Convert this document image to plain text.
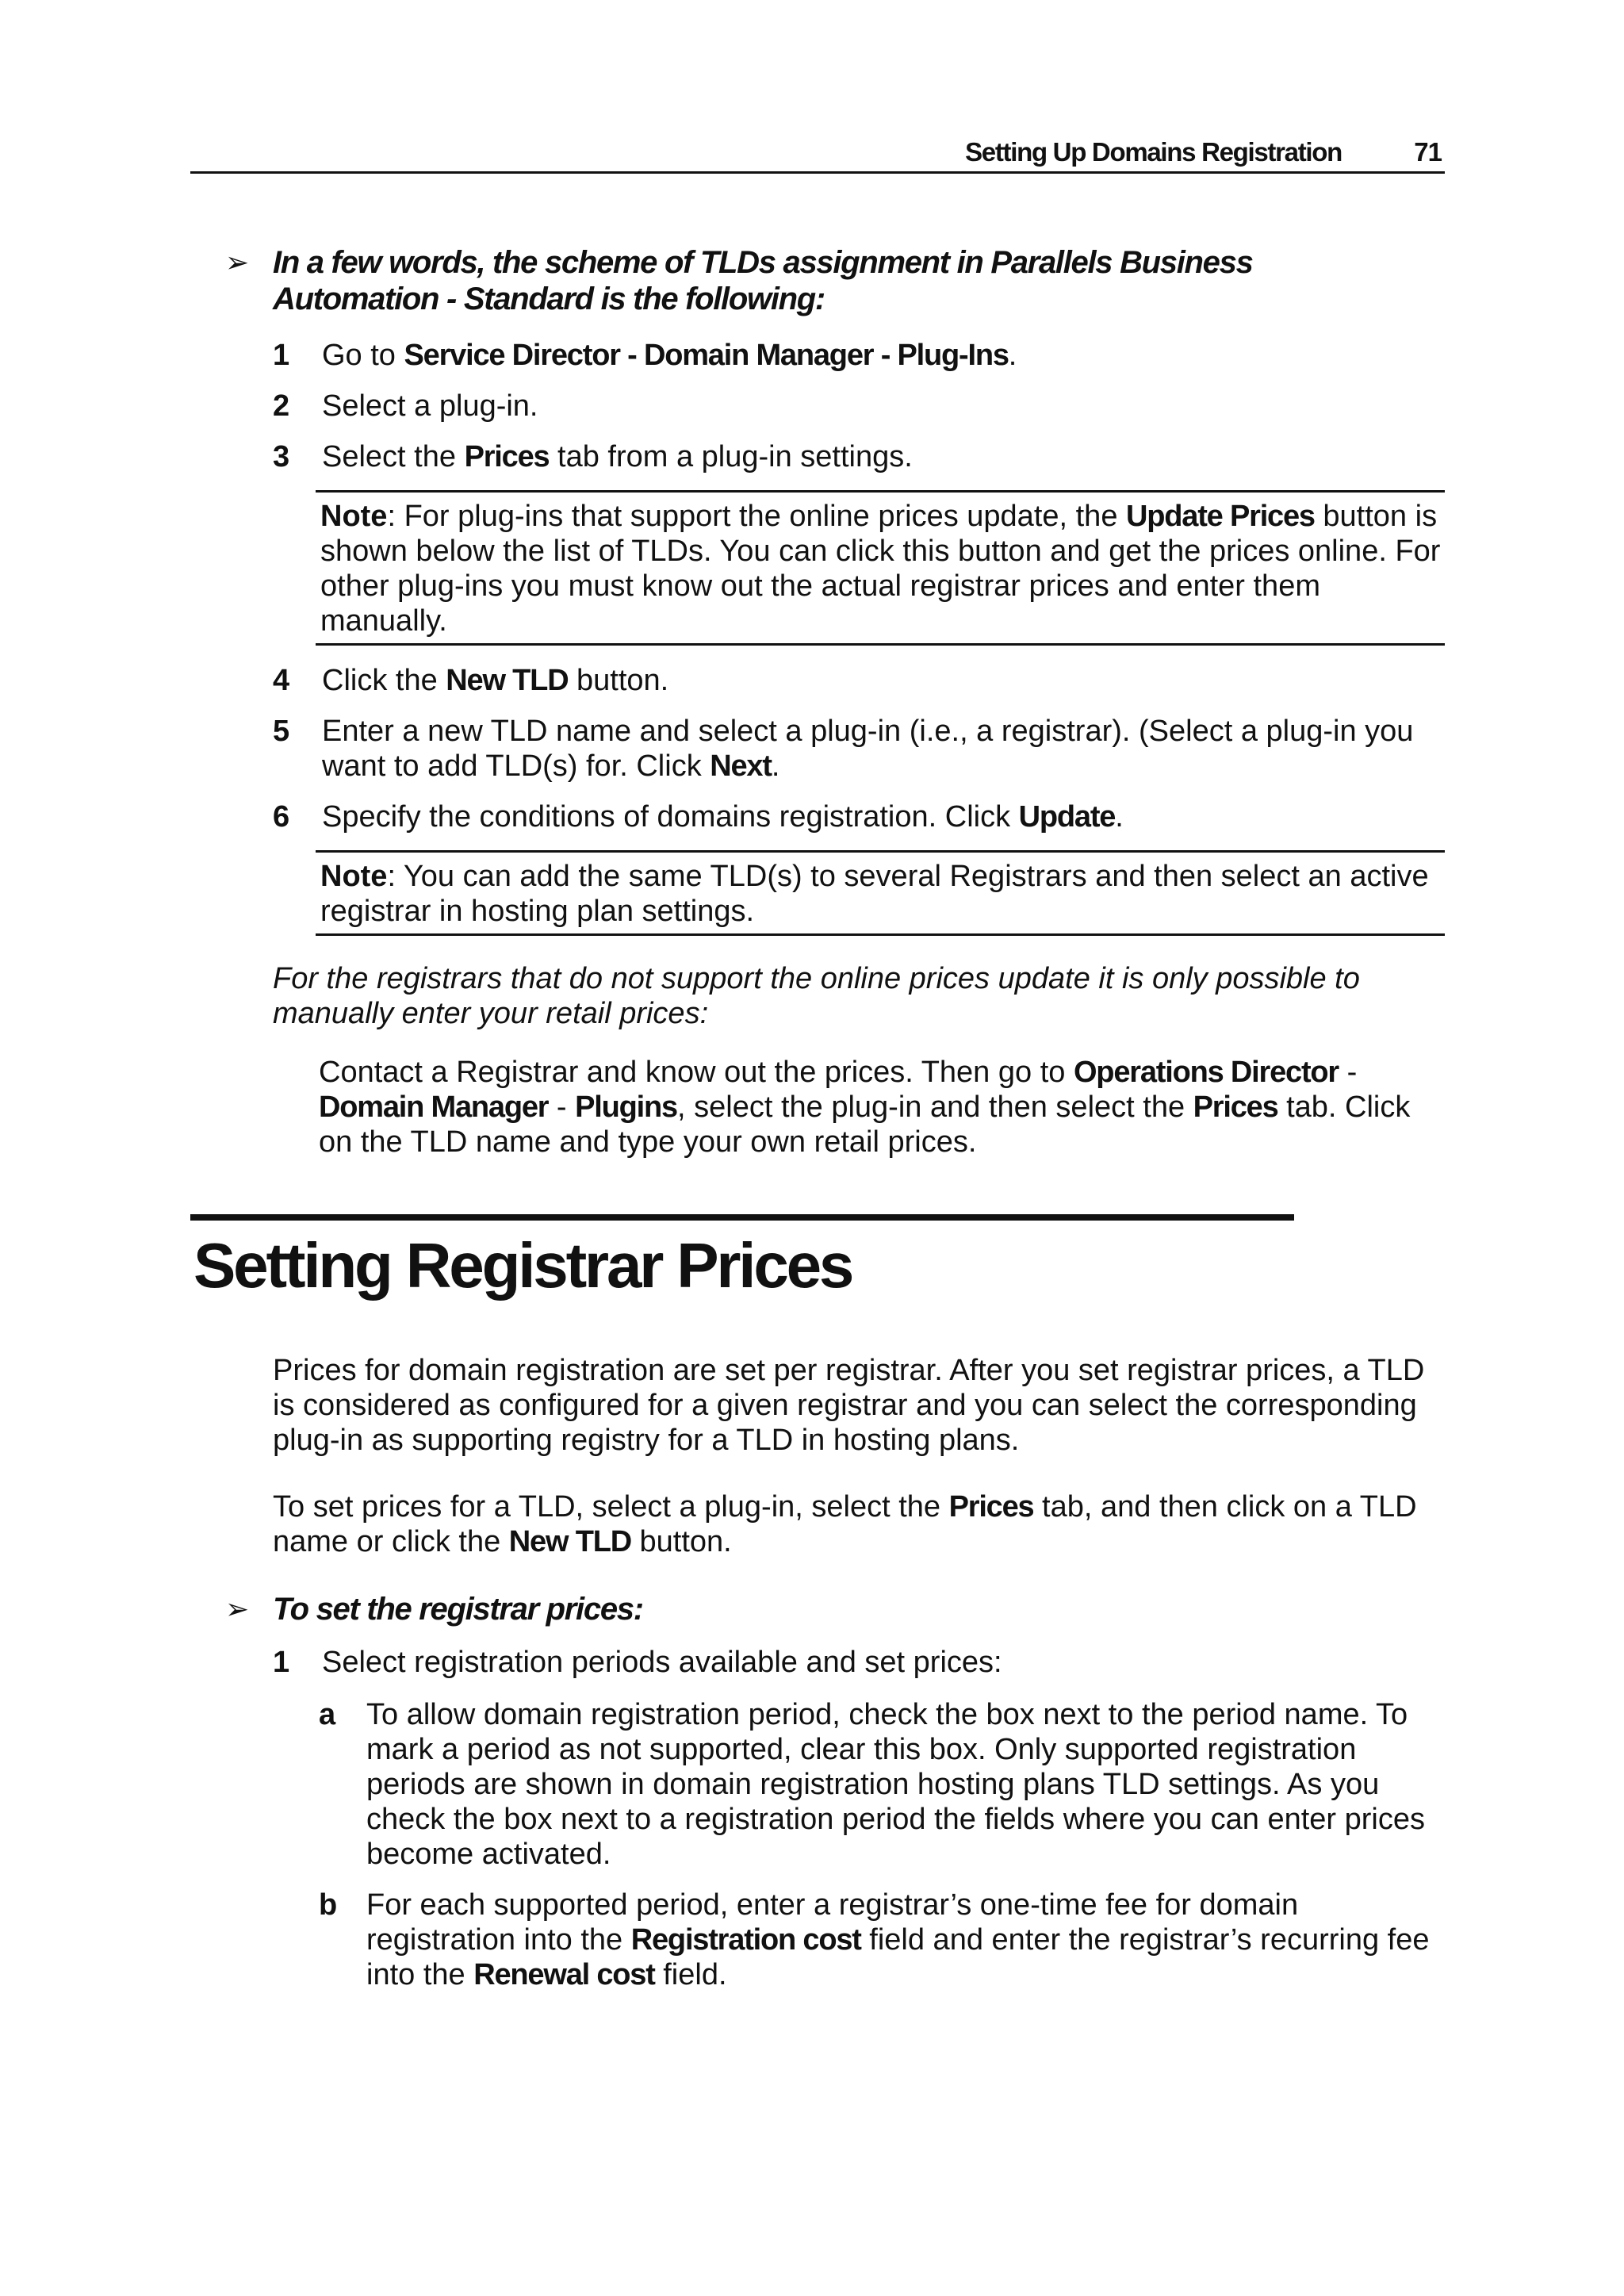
Setting Up Domains Registration	71
➢ In a few words, the scheme of TLDs assignment in Parallels Business Automation - Standard is the following:
1 Go to Service Director - Domain Manager - Plug-Ins.
2 Select a plug-in.
3 Select the Prices tab from a plug-in settings.
Note: For plug-ins that support the online prices update, the Update Prices button is shown below the list of TLDs. You can click this button and get the prices online. For other plug-ins you must know out the actual registrar prices and enter them manually.
4 Click the New TLD button.
5 Enter a new TLD name and select a plug-in (i.e., a registrar). (Select a plug-in you want to add TLD(s) for. Click Next.
6 Specify the conditions of domains registration. Click Update.
Note: You can add the same TLD(s) to several Registrars and then select an active registrar in hosting plan settings.
For the registrars that do not support the online prices update it is only possible to manually enter your retail prices:
Contact a Registrar and know out the prices. Then go to Operations Director - Domain Manager - Plugins, select the plug-in and then select the Prices tab. Click on the TLD name and type your own retail prices.
Setting Registrar Prices
Prices for domain registration are set per registrar. After you set registrar prices, a TLD is considered as configured for a given registrar and you can select the corresponding plug-in as supporting registry for a TLD in hosting plans.
To set prices for a TLD, select a plug-in, select the Prices tab, and then click on a TLD name or click the New TLD button.
➢ To set the registrar prices:
1 Select registration periods available and set prices:
a To allow domain registration period, check the box next to the period name. To mark a period as not supported, clear this box. Only supported registration periods are shown in domain registration hosting plans TLD settings. As you check the box next to a registration period the fields where you can enter prices become activated.
b For each supported period, enter a registrar’s one-time fee for domain registration into the Registration cost field and enter the registrar’s recurring fee into the Renewal cost field.
